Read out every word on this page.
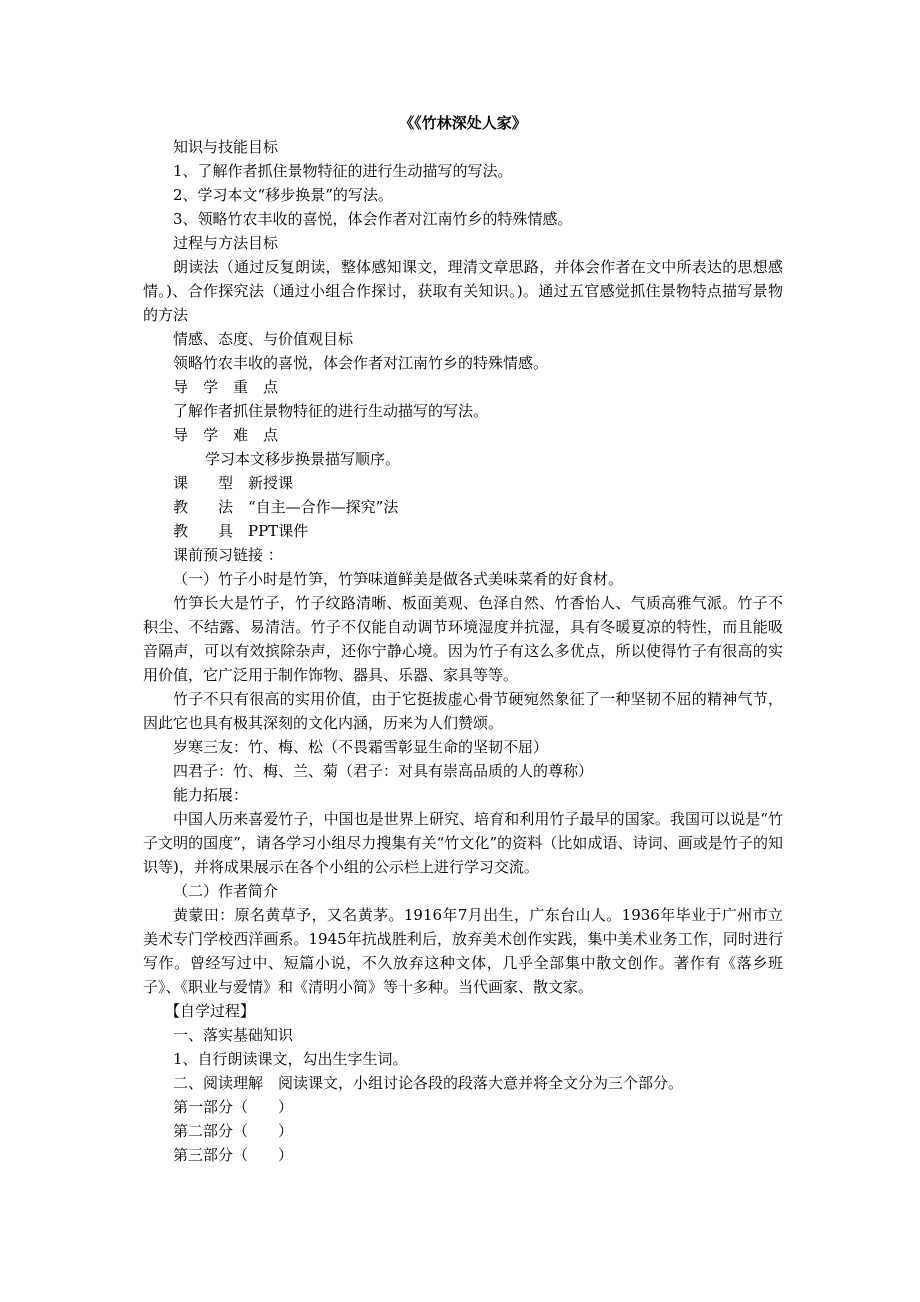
《《竹林深处人家》

知识与技能目标

1、了解作者抓住景物特征的进行生动描写的写法。

2、学习本文“移步换景”的写法。

3、领略竹农丰收的喜悦，体会作者对江南竹乡的特殊情感。

过程与方法目标

朗读法（通过反复朗读，整体感知课文，理清文章思路，并体会作者在文中所表达的思想感情。)、合作探究法（通过小组合作探讨，获取有关知识。)。通过五官感觉抓住景物特点描写景物的方法

情感、态度、与价值观目标

领略竹农丰收的喜悦，体会作者对江南竹乡的特殊情感。

导　学　重　点

了解作者抓住景物特征的进行生动描写的写法。

导　学　难　点

学习本文移步换景描写顺序。

课　　型　新授课

教　　法　“自主—合作—探究”法

教　　具　PPT课件

课前预习链接 ：

（一）竹子小时是竹笋，竹笋味道鲜美是做各式美味菜肴的好食材。

竹笋长大是竹子，竹子纹路清晰、板面美观、色泽自然、竹香怡人、气质高雅气派。竹子不积尘、不结露、易清洁。竹子不仅能自动调节环境湿度并抗湿，具有冬暖夏凉的特性，而且能吸音隔声，可以有效摈除杂声，还你宁静心境。因为竹子有这么多优点，所以使得竹子有很高的实用价值，它广泛用于制作饰物、器具、乐器、家具等等。

竹子不只有很高的实用价值，由于它挺拔虚心骨节硬宛然象征了一种坚韧不屈的精神气节，因此它也具有极其深刻的文化内涵，历来为人们赞颂。

岁寒三友：竹、梅、松（不畏霜雪彰显生命的坚韧不屈）

四君子：竹、梅、兰、菊（君子：对具有崇高品质的人的尊称）

能力拓展：

中国人历来喜爱竹子，中国也是世界上研究、培育和利用竹子最早的国家。我国可以说是“竹子文明的国度”，请各学习小组尽力搜集有关“竹文化”的资料（比如成语、诗词、画或是竹子的知识等)，并将成果展示在各个小组的公示栏上进行学习交流。

（二）作者简介

黄蒙田：原名黄草予，又名黄茅。1916年7月出生，广东台山人。1936年毕业于广州市立美术专门学校西洋画系。1945年抗战胜利后，放弃美术创作实践，集中美术业务工作，同时进行写作。曾经写过中、短篇小说，不久放弃这种文体，几乎全部集中散文创作。著作有《落乡班子》、《职业与爱情》和《清明小简》等十多种。当代画家、散文家。

【自学过程】

一、落实基础知识

1、自行朗读课文，勾出生字生词。

二、阅读理解　阅读课文，小组讨论各段的段落大意并将全文分为三个部分。

第一部分（　　）

第二部分（　　）

第三部分（　　）
